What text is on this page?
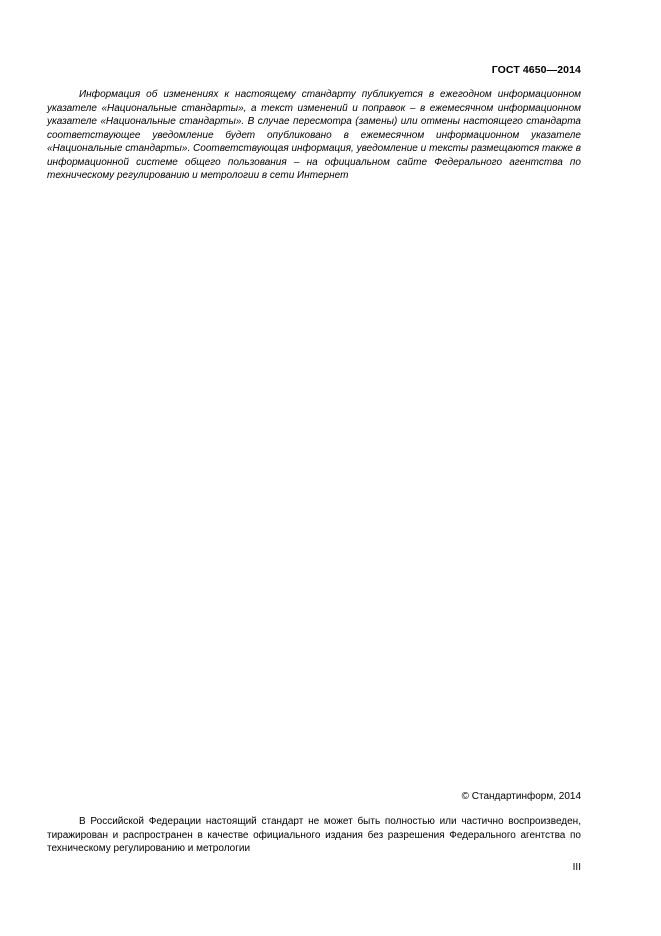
ГОСТ 4650—2014

Информация об изменениях к настоящему стандарту публикуется в ежегодном информационном указателе «Национальные стандарты», а текст изменений и поправок – в ежемесячном информационном указателе «Национальные стандарты». В случае пересмотра (замены) или отмены настоящего стандарта соответствующее уведомление будет опубликовано в ежемесячном информационном указателе «Национальные стандарты». Соответствующая информация, уведомление и тексты размещаются также в информационной системе общего пользования – на официальном сайте Федерального агентства по техническому регулированию и метрологии в сети Интернет

© Стандартинформ, 2014

В Российской Федерации настоящий стандарт не может быть полностью или частично воспроизведен, тиражирован и распространен в качестве официального издания без разрешения Федерального агентства по техническому регулированию и метрологии

III
